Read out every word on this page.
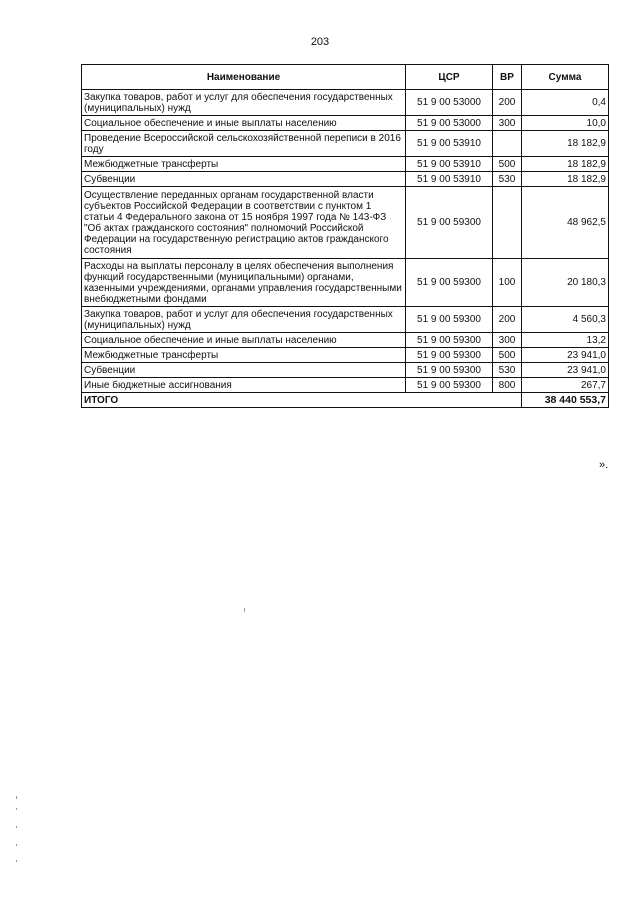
203
Наименование	ЦСР	ВР	Сумма
Закупка товаров, работ и услуг для обеспечения государственных (муниципальных) нужд	51 9 00 53000	200	0,4
Социальное обеспечение и иные выплаты населению	51 9 00 53000	300	10,0
Проведение Всероссийской сельскохозяйственной переписи в 2016 году	51 9 00 53910		18 182,9
Межбюджетные трансферты	51 9 00 53910	500	18 182,9
Субвенции	51 9 00 53910	530	18 182,9
Осуществление переданных органам государственной власти субъектов Российской Федерации в соответствии с пунктом 1 статьи 4 Федерального закона от 15 ноября 1997 года № 143-ФЗ "Об актах гражданского состояния" полномочий Российской Федерации на государственную регистрацию актов гражданского состояния	51 9 00 59300		48 962,5
Расходы на выплаты персоналу в целях обеспечения выполнения функций государственными (муниципальными) органами, казенными учреждениями, органами управления государственными внебюджетными фондами	51 9 00 59300	100	20 180,3
Закупка товаров, работ и услуг для обеспечения государственных (муниципальных) нужд	51 9 00 59300	200	4 560,3
Социальное обеспечение и иные выплаты населению	51 9 00 59300	300	13,2
Межбюджетные трансферты	51 9 00 59300	500	23 941,0
Субвенции	51 9 00 59300	530	23 941,0
Иные бюджетные ассигнования	51 9 00 59300	800	267,7
ИТОГО			38 440 553,7
».
